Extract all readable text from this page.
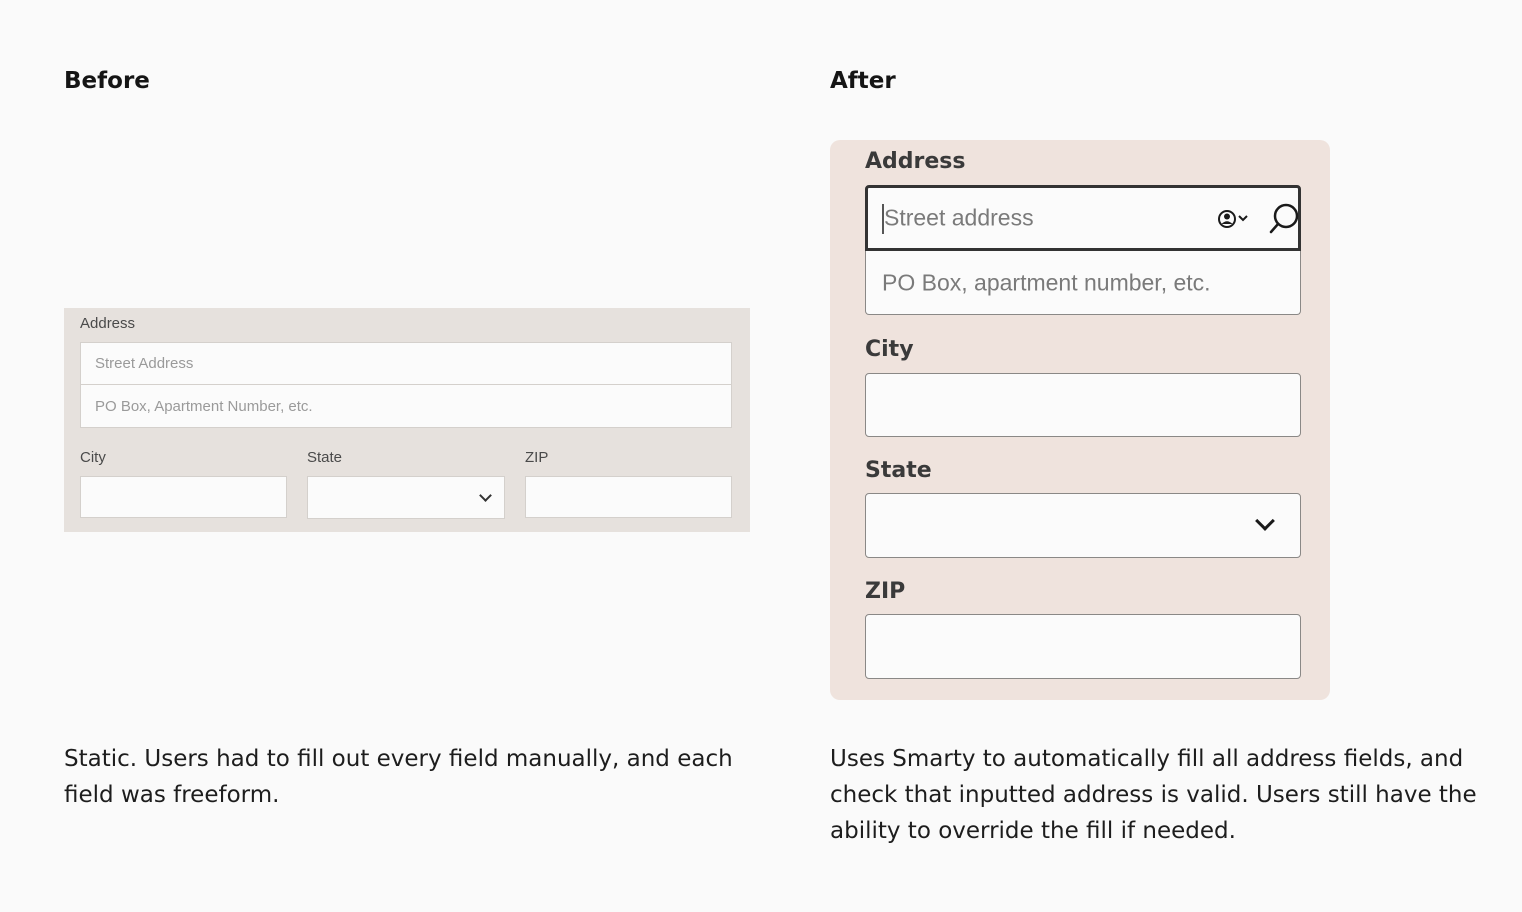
Before
Address
Street Address
PO Box, Apartment Number, etc.
City	State	ZIP
Static. Users had to fill out every field manually, and each field was freeform.
After
Address
Street address
PO Box, apartment number, etc.
City
State
ZIP
Uses Smarty to automatically fill all address fields, and check that inputted address is valid. Users still have the ability to override the fill if needed.
